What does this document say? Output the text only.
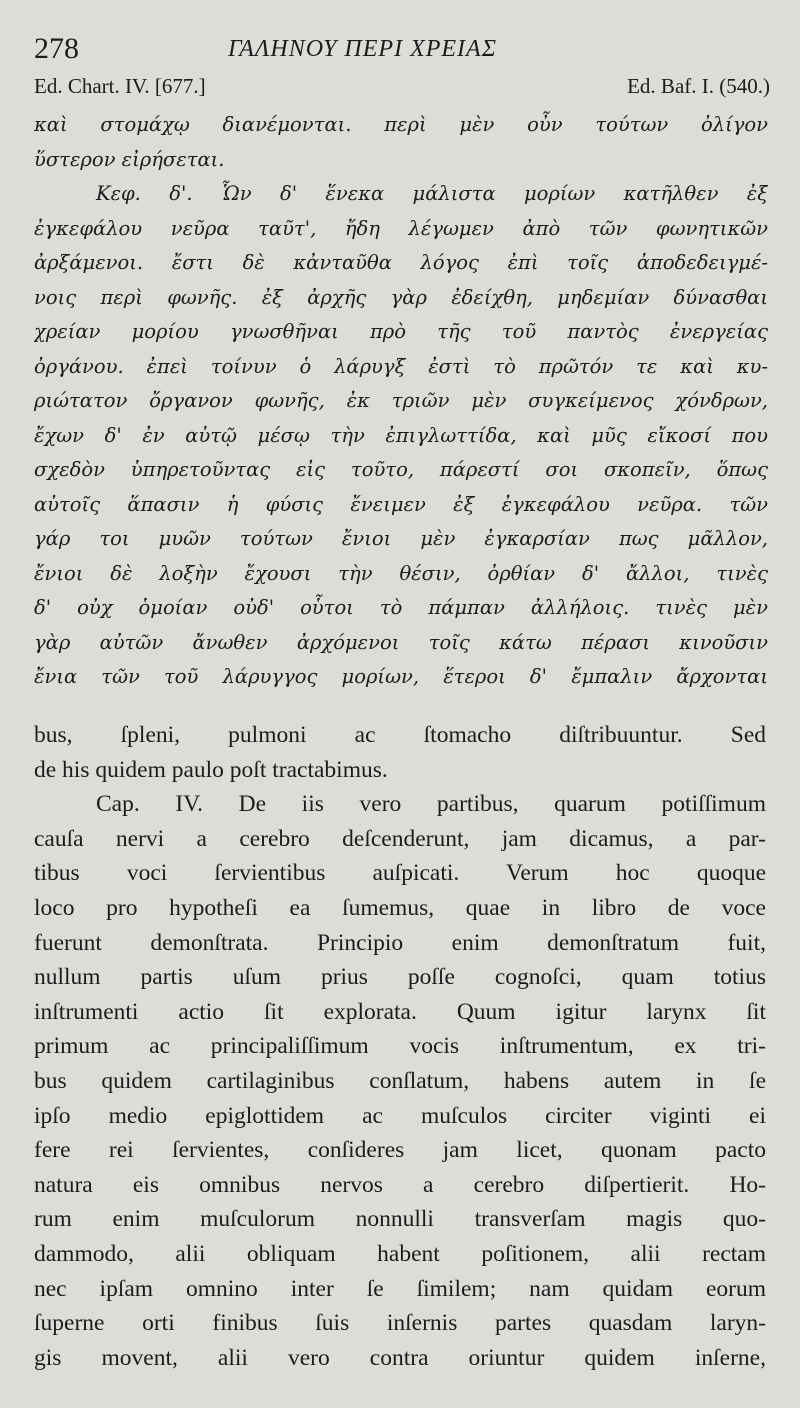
278	ΓΑΛΗΝΟΥ ΠΕΡΙ ΧΡΕΙΑΣ
Ed. Chart. IV. [677.]	Ed. Baf. I. (540.)
καὶ στομάχῳ διανέμονται. περὶ μὲν οὖν τούτων ὀλίγον
ὕστερον εἰρήσεται.
Κεφ. δ'. Ὧν δ' ἕνεκα μάλιστα μορίων κατῆλθεν ἐξ
ἐγκεφάλου νεῦρα ταῦτ', ἤδη λέγωμεν ἀπὸ τῶν φωνητικῶν
ἀρξάμενοι. ἔστι δὲ κἀνταῦθα λόγος ἐπὶ τοῖς ἀποδεδειγμέ-
νοις περὶ φωνῆς. ἐξ ἀρχῆς γὰρ ἐδείχθη, μηδεμίαν δύνασθαι
χρείαν μορίου γνωσθῆναι πρὸ τῆς τοῦ παντὸς ἐνεργείας
ὀργάνου. ἐπεὶ τοίνυν ὁ λάρυγξ ἐστὶ τὸ πρῶτόν τε καὶ κυ-
ριώτατον ὄργανον φωνῆς, ἐκ τριῶν μὲν συγκείμενος χόνδρων,
ἔχων δ' ἐν αὐτῷ μέσῳ τὴν ἐπιγλωττίδα, καὶ μῦς εἴκοσί που
σχεδὸν ὑπηρετοῦντας εἰς τοῦτο, πάρεστί σοι σκοπεῖν, ὅπως
αὐτοῖς ἅπασιν ἡ φύσις ἔνειμεν ἐξ ἐγκεφάλου νεῦρα. τῶν
γάρ τοι μυῶν τούτων ἔνιοι μὲν ἐγκαρσίαν πως μᾶλλον,
ἔνιοι δὲ λοξὴν ἔχουσι τὴν θέσιν, ὀρθίαν δ' ἄλλοι, τινὲς
δ' οὐχ ὁμοίαν οὐδ' οὗτοι τὸ πάμπαν ἀλλήλοις. τινὲς μὲν
γὰρ αὐτῶν ἄνωθεν ἀρχόμενοι τοῖς κάτω πέρασι κινοῦσιν
ἔνια τῶν τοῦ λάρυγγος μορίων, ἕτεροι δ' ἔμπαλιν ἄρχονται
bus, ſpleni, pulmoni ac ſtomacho diſtribuuntur. Sed
de his quidem paulo poſt tractabimus.
Cap. IV. De iis vero partibus, quarum potiſſimum
cauſa nervi a cerebro deſcenderunt, jam dicamus, a par-
tibus voci ſervientibus auſpicati. Verum hoc quoque
loco pro hypotheſi ea ſumemus, quae in libro de voce
fuerunt demonſtrata. Principio enim demonſtratum fuit,
nullum partis uſum prius poſſe cognoſci, quam totius
inſtrumenti actio ſit explorata. Quum igitur larynx ſit
primum ac principaliſſimum vocis inſtrumentum, ex tri-
bus quidem cartilaginibus conſlatum, habens autem in ſe
ipſo medio epiglottidem ac muſculos circiter viginti ei
fere rei ſervientes, conſideres jam licet, quonam pacto
natura eis omnibus nervos a cerebro diſpertierit. Ho-
rum enim muſculorum nonnulli transverſam magis quo-
dammodo, alii obliquam habent poſitionem, alii rectam
nec ipſam omnino inter ſe ſimilem; nam quidam eorum
ſuperne orti finibus ſuis inſernis partes quasdam laryn-
gis movent, alii vero contra oriuntur quidem inſerne,
